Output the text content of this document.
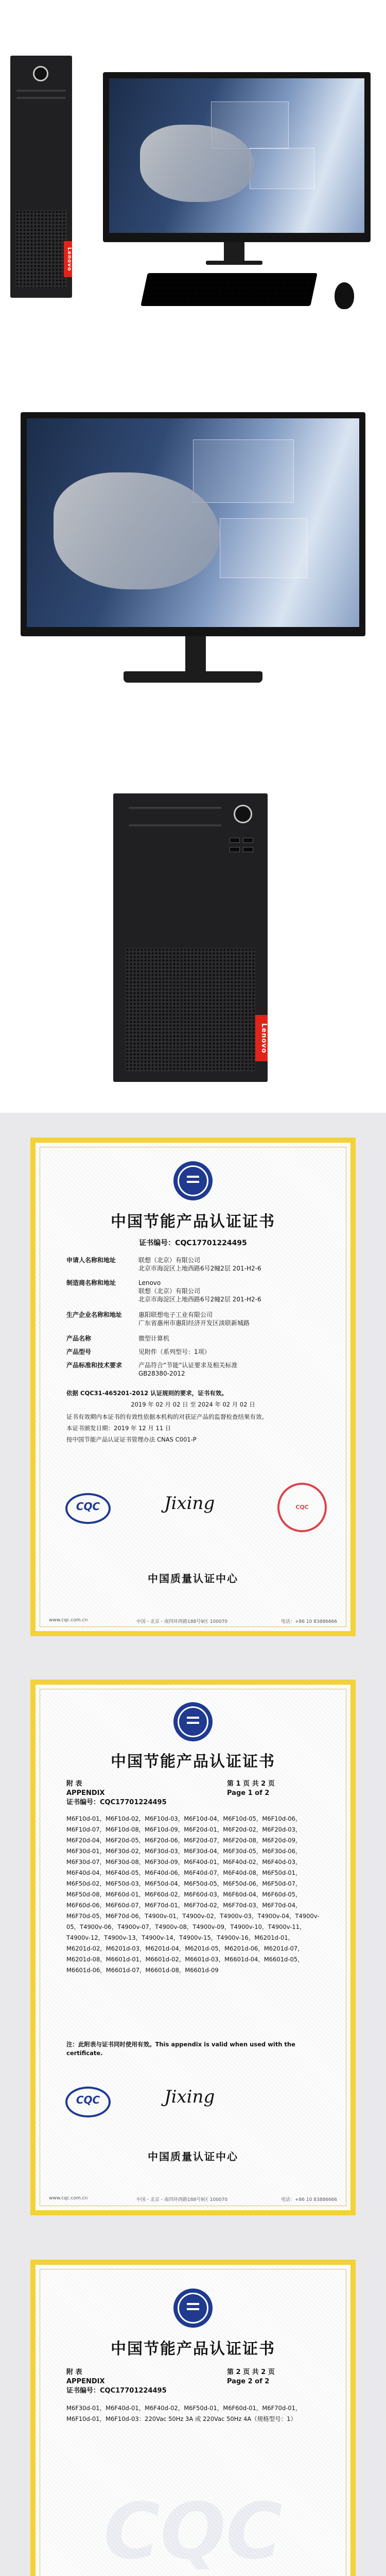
Lenovo
Lenovo
中国节能产品认证证书
证书编号：CQC17701224495
申请人名称和地址	联想（北京）有限公司
北京市海淀区上地西路6号2幢2层 201-H2-6
制造商名称和地址	Lenovo
联想（北京）有限公司
北京市海淀区上地西路6号2幢2层 201-H2-6
生产企业名称和地址	惠阳联想电子工业有限公司
广东省惠州市惠阳经济开发区淡联新城路
产品名称	微型计算机
产品型号	见附件（系列型号：1项）
产品标准和技术要求	产品符合“节能”认证要求及相关标准
GB28380-2012
依据 CQC31-465201-2012 认证规则的要求，证书有效。
2019 年 02 月 02 日 至 2024 年 02 月 02 日
证书有效期内本证书的有效性依据本机构的对获证产品的监督检查结果有效。
本证书颁发日期：2019 年 12 月 11 日
按中国节能产品认证证书管理办法 CNAS C001-P
CQC	Jixing	CQC
中国质量认证中心
www.cqc.com.cn	中国・北京・南四环西路188号9区 100070	电话：+86 10 83886666
中国节能产品认证证书
附 表
APPENDIX
证书编号：CQC17701224495
第 1 页 共 2 页
Page 1 of 2
M6F10d-01，M6F10d-02，M6F10d-03，M6F10d-04，M6F10d-05，M6F10d-06，M6F10d-07，M6F10d-08，M6F10d-09，M6F20d-01，M6F20d-02，M6F20d-03，M6F20d-04，M6F20d-05，M6F20d-06，M6F20d-07，M6F20d-08，M6F20d-09，M6F30d-01，M6F30d-02，M6F30d-03，M6F30d-04，M6F30d-05，M6F30d-06，M6F30d-07，M6F30d-08，M6F30d-09，M6F40d-01，M6F40d-02，M6F40d-03，M6F40d-04，M6F40d-05，M6F40d-06，M6F40d-07，M6F40d-08，M6F50d-01，M6F50d-02，M6F50d-03，M6F50d-04，M6F50d-05，M6F50d-06，M6F50d-07，M6F50d-08，M6F60d-01，M6F60d-02，M6F60d-03，M6F60d-04，M6F60d-05，M6F60d-06，M6F60d-07，M6F70d-01，M6F70d-02，M6F70d-03，M6F70d-04，M6F70d-05，M6F70d-06，T4900v-01，T4900v-02，T4900v-03，T4900v-04，T4900v-05，T4900v-06，T4900v-07，T4900v-08，T4900v-09，T4900v-10，T4900v-11，T4900v-12，T4900v-13，T4900v-14，T4900v-15，T4900v-16，M6201d-01，M6201d-02，M6201d-03，M6201d-04，M6201d-05，M6201d-06，M6201d-07，M6201d-08，M6601d-01，M6601d-02，M6601d-03，M6601d-04，M6601d-05，M6601d-06，M6601d-07，M6601d-08，M6601d-09
注：此附表与证书同时使用有效。This appendix is valid when used with the certificate.
CQC	Jixing
中国质量认证中心
www.cqc.com.cn	中国・北京・南四环西路188号9区 100070	电话：+86 10 83886666
CQC
中国节能产品认证证书
附 表
APPENDIX
证书编号：CQC17701224495
第 2 页 共 2 页
Page 2 of 2
M6F30d-01，M6F40d-01，M6F40d-02，M6F50d-01，M6F60d-01，M6F70d-01，M6F10d-01，M6F10d-03：220Vac 50Hz 3A 或 220Vac 50Hz 4A（规格型号：1）
